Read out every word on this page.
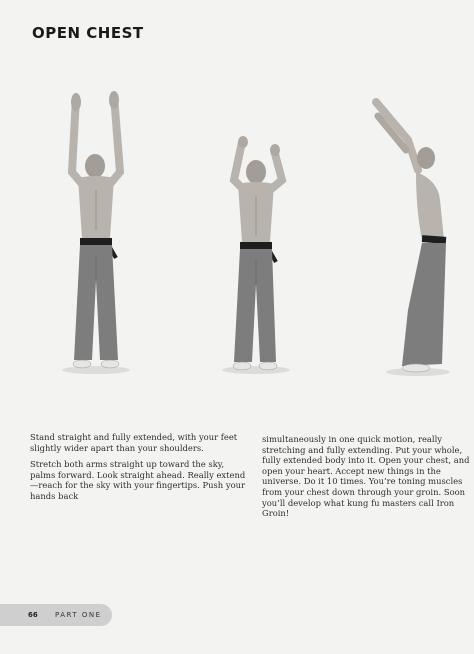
OPEN CHEST

Stand straight and fully extended, with your feet slightly wider apart than your shoulders.

Stretch both arms straight up toward the sky, palms forward. Look straight ahead. Really extend—reach for the sky with your fingertips. Push your hands back

simultaneously in one quick motion, really stretching and fully extending. Put your whole, fully extended body into it. Open your chest, and open your heart. Accept new things in the universe. Do it 10 times. You’re toning muscles from your chest down through your groin. Soon you’ll develop what kung fu masters call Iron Groin!

66 PART ONE
